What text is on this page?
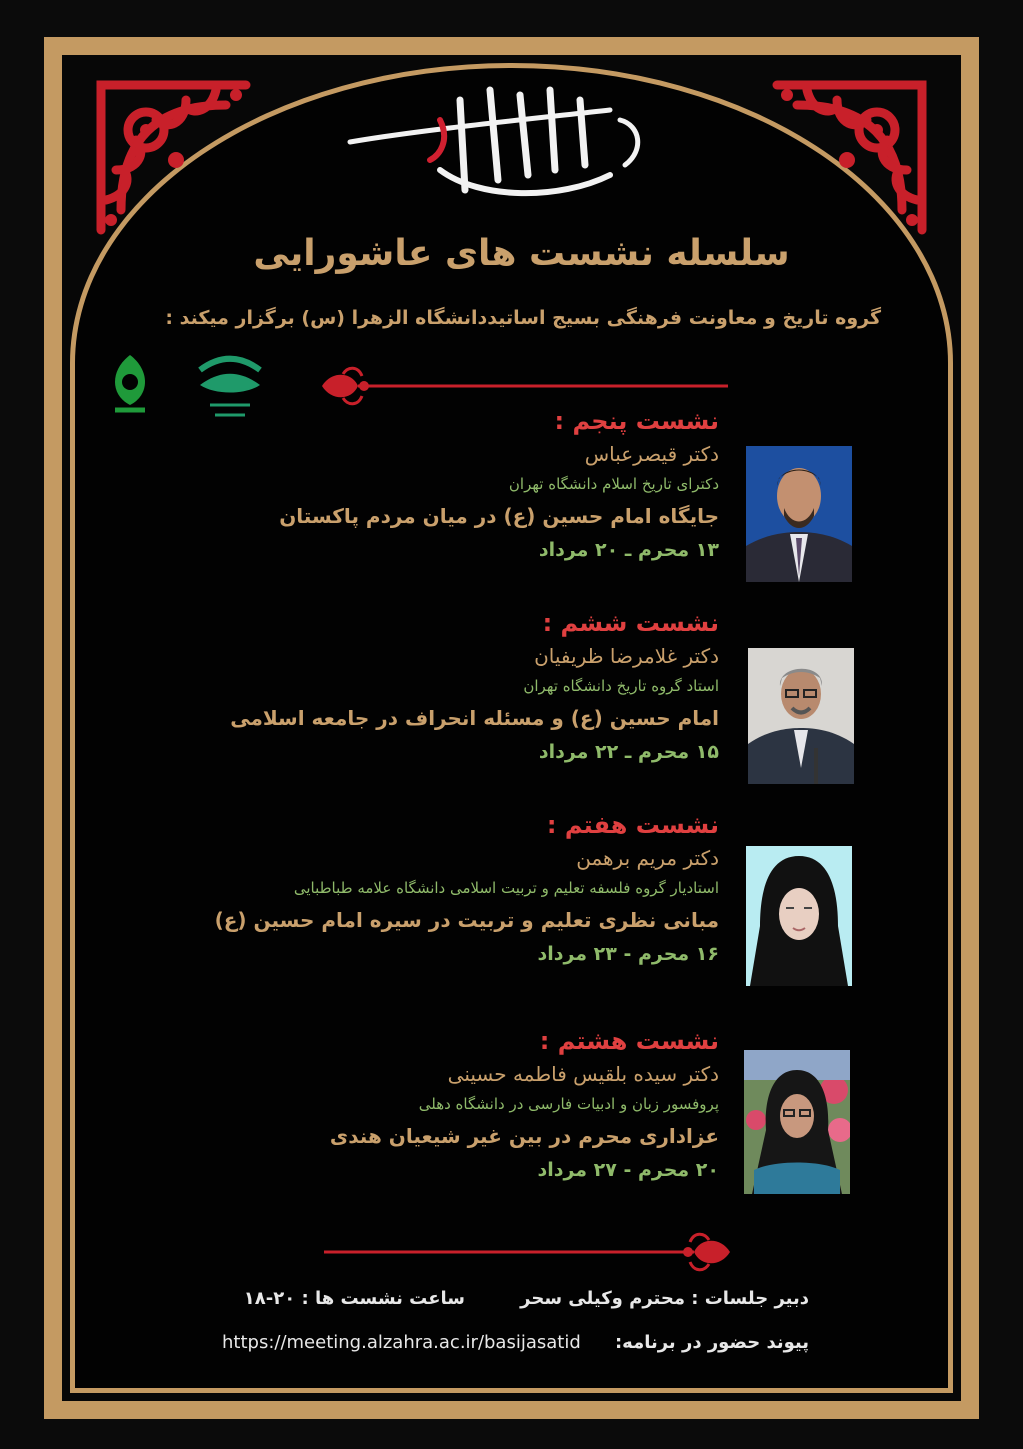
سلسله نشست های عاشورایی
گروه تاریخ و معاونت فرهنگی بسیج اساتیددانشگاه الزهرا (س) برگزار میکند :
نشست پنجم :
دکتر قیصرعباس
دکترای تاریخ اسلام دانشگاه تهران
جایگاه امام حسین (ع) در میان مردم پاکستان
۱۳ محرم ـ ۲۰ مرداد
نشست ششم :
دکتر غلامرضا ظریفیان
استاد گروه تاریخ دانشگاه تهران
امام حسین (ع) و مسئله انحراف در جامعه اسلامی
۱۵ محرم ـ ۲۲ مرداد
نشست هفتم :
دکتر مریم برهمن
استادیار گروه فلسفه تعلیم و تربیت اسلامی دانشگاه علامه طباطبایی
مبانی نظری تعلیم و تربیت در سیره امام حسین (ع)
۱۶ محرم - ۲۳ مرداد
نشست هشتم :
دکتر سیده بلقیس فاطمه حسینی
پروفسور زبان و ادبیات فارسی در دانشگاه دهلی
عزاداری محرم در بین غیر شیعیان هندی
۲۰ محرم - ۲۷ مرداد
دبیر جلسات : محترم وکیلی سحر
ساعت نشست ها : ۲۰-۱۸
پیوند حضور در برنامه:
https://meeting.alzahra.ac.ir/basijasatid
